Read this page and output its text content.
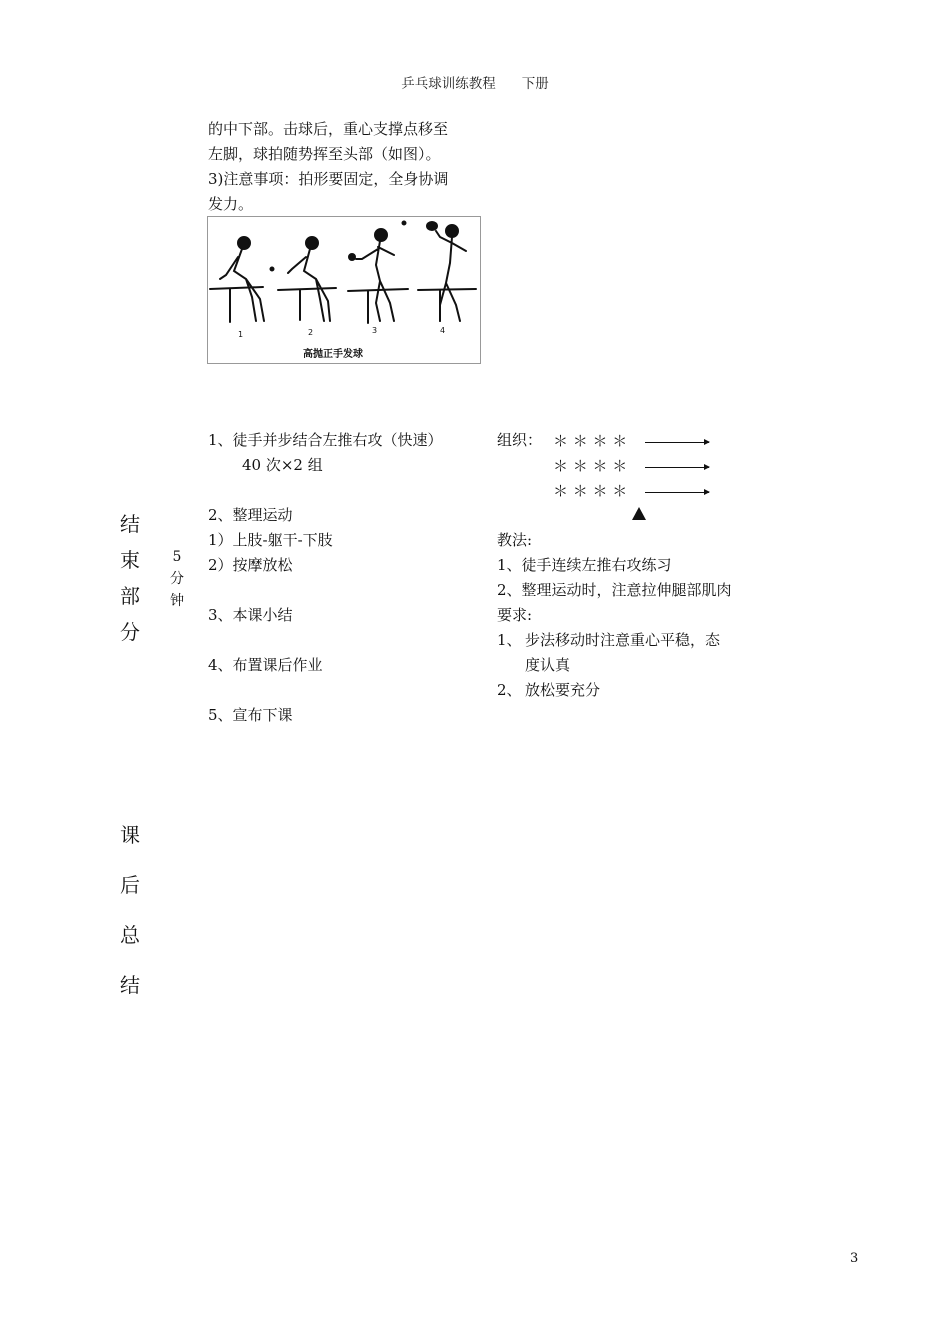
乒乓球训练教程 下册
的中下部。击球后，重心支撑点移至
左脚，球拍随势挥至头部（如图）。
3)注意事项：拍形要固定，全身协调
发力。
1	2	3	4
高抛正手发球
结
束
部
分
5
分
钟
1、徒手并步结合左推右攻（快速）
40 次×2 组
2、整理运动
1）上肢-躯干-下肢
2）按摩放松
3、本课小结
4、布置课后作业
5、宣布下课
组织： ＊ ＊ ＊ ＊
＊ ＊ ＊ ＊
＊ ＊ ＊ ＊
教法:
1、徒手连续左推右攻练习
2、整理运动时，注意拉伸腿部肌肉
要求:
1、 步法移动时注意重心平稳，态
度认真
2、 放松要充分
课
后
总
结
3
